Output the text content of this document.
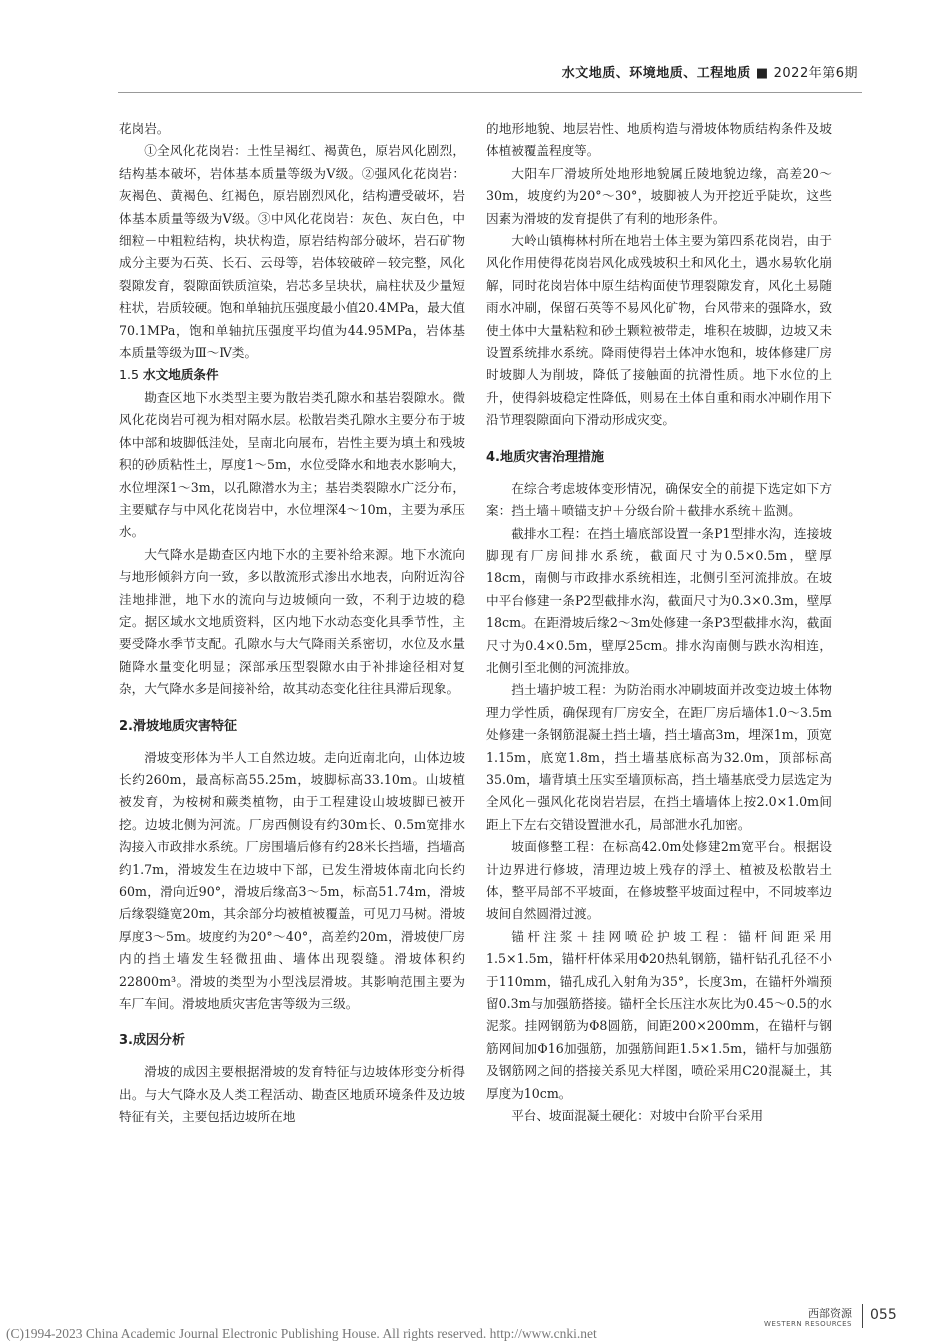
水文地质、环境地质、工程地质 ■ 2022年第6期

花岗岩。

①全风化花岗岩：土性呈褐红、褐黄色，原岩风化剧烈，结构基本破坏，岩体基本质量等级为Ⅴ级。②强风化花岗岩：灰褐色、黄褐色、红褐色，原岩剧烈风化，结构遭受破坏，岩体基本质量等级为Ⅴ级。③中风化花岗岩：灰色、灰白色，中细粒－中粗粒结构，块状构造，原岩结构部分破坏，岩石矿物成分主要为石英、长石、云母等，岩体较破碎－较完整，风化裂隙发育，裂隙面铁质渲染，岩芯多呈块状，扁柱状及少量短柱状，岩质较硬。饱和单轴抗压强度最小值20.4MPa，最大值70.1MPa，饱和单轴抗压强度平均值为44.95MPa，岩体基本质量等级为Ⅲ～Ⅳ类。

1.5 水文地质条件

勘查区地下水类型主要为散岩类孔隙水和基岩裂隙水。微风化花岗岩可视为相对隔水层。松散岩类孔隙水主要分布于坡体中部和坡脚低洼处，呈南北向展布，岩性主要为填土和残坡积的砂质粘性土，厚度1～5m，水位受降水和地表水影响大，水位埋深1～3m，以孔隙潜水为主；基岩类裂隙水广泛分布，主要赋存与中风化花岗岩中，水位埋深4～10m，主要为承压水。

大气降水是勘查区内地下水的主要补给来源。地下水流向与地形倾斜方向一致，多以散流形式渗出水地表，向附近沟谷洼地排泄，地下水的流向与边坡倾向一致，不利于边坡的稳定。据区域水文地质资料，区内地下水动态变化具季节性，主要受降水季节支配。孔隙水与大气降雨关系密切，水位及水量随降水量变化明显；深部承压型裂隙水由于补排途径相对复杂，大气降水多是间接补给，故其动态变化往往具滞后现象。

2.滑坡地质灾害特征

滑坡变形体为半人工自然边坡。走向近南北向，山体边坡长约260m，最高标高55.25m，坡脚标高33.10m。山坡植被发育，为桉树和蕨类植物，由于工程建设山坡坡脚已被开挖。边坡北侧为河流。厂房西侧设有约30m长、0.5m宽排水沟接入市政排水系统。厂房围墙后修有约28米长挡墙，挡墙高约1.7m，滑坡发生在边坡中下部，已发生滑坡体南北向长约60m，滑向近90°，滑坡后缘高3～5m，标高51.74m，滑坡后缘裂缝宽20m，其余部分均被植被覆盖，可见刀马树。滑坡厚度3～5m。坡度约为20°～40°，高差约20m，滑坡使厂房内的挡土墙发生轻微扭曲、墙体出现裂缝。滑坡体积约22800m³。滑坡的类型为小型浅层滑坡。其影响范围主要为车厂车间。滑坡地质灾害危害等级为三级。

3.成因分析

滑坡的成因主要根据滑坡的发育特征与边坡体形变分析得出。与大气降水及人类工程活动、勘查区地质环境条件及边坡特征有关，主要包括边坡所在地

的地形地貌、地层岩性、地质构造与滑坡体物质结构条件及坡体植被覆盖程度等。

大阳车厂滑坡所处地形地貌属丘陵地貌边缘，高差20～30m，坡度约为20°～30°，坡脚被人为开挖近乎陡坎，这些因素为滑坡的发育提供了有利的地形条件。

大岭山镇梅林村所在地岩土体主要为第四系花岗岩，由于风化作用使得花岗岩风化成残坡积土和风化土，遇水易软化崩解，同时花岗岩体中原生结构面使节理裂隙发育，风化土易随雨水冲刷，保留石英等不易风化矿物，台风带来的强降水，致使土体中大量粘粒和砂土颗粒被带走，堆积在坡脚，边坡又未设置系统排水系统。降雨使得岩土体冲水饱和，坡体修建厂房时坡脚人为削坡，降低了接触面的抗滑性质。地下水位的上升，使得斜坡稳定性降低，则易在土体自重和雨水冲刷作用下沿节理裂隙面向下滑动形成灾变。

4.地质灾害治理措施

在综合考虑坡体变形情况，确保安全的前提下选定如下方案：挡土墙＋喷锚支护＋分级台阶＋截排水系统＋监测。

截排水工程：在挡土墙底部设置一条P1型排水沟，连接坡脚现有厂房间排水系统，截面尺寸为0.5×0.5m，壁厚18cm，南侧与市政排水系统相连，北侧引至河流排放。在坡中平台修建一条P2型截排水沟，截面尺寸为0.3×0.3m，壁厚18cm。在距滑坡后缘2～3m处修建一条P3型截排水沟，截面尺寸为0.4×0.5m，壁厚25cm。排水沟南侧与跌水沟相连，北侧引至北侧的河流排放。

挡土墙护坡工程：为防治雨水冲刷坡面并改变边坡土体物理力学性质，确保现有厂房安全，在距厂房后墙体1.0～3.5m处修建一条钢筋混凝土挡土墙，挡土墙高3m，埋深1m，顶宽1.15m，底宽1.8m，挡土墙基底标高为32.0m，顶部标高35.0m，墙背填土压实至墙顶标高，挡土墙基底受力层选定为全风化－强风化花岗岩岩层，在挡土墙墙体上按2.0×1.0m间距上下左右交错设置泄水孔，局部泄水孔加密。

坡面修整工程：在标高42.0m处修建2m宽平台。根据设计边界进行修坡，清理边坡上残存的浮土、植被及松散岩土体，整平局部不平坡面，在修坡整平坡面过程中，不同坡率边坡间自然圆滑过渡。

锚杆注浆＋挂网喷砼护坡工程：锚杆间距采用1.5×1.5m，锚杆杆体采用Φ20热轧钢筋，锚杆钻孔孔径不小于110mm，锚孔成孔入射角为35°，长度3m，在锚杆外端预留0.3m与加强筋搭接。锚杆全长压注水灰比为0.45～0.5的水泥浆。挂网钢筋为Φ8圆筋，间距200×200mm，在锚杆与钢筋网间加Φ16加强筋，加强筋间距1.5×1.5m，锚杆与加强筋及钢筋网之间的搭接关系见大样图，喷砼采用C20混凝土，其厚度为10cm。

平台、坡面混凝土硬化：对坡中台阶平台采用

西部资源
WESTERN RESOURCES
055
(C)1994-2023 China Academic Journal Electronic Publishing House. All rights reserved. http://www.cnki.net
